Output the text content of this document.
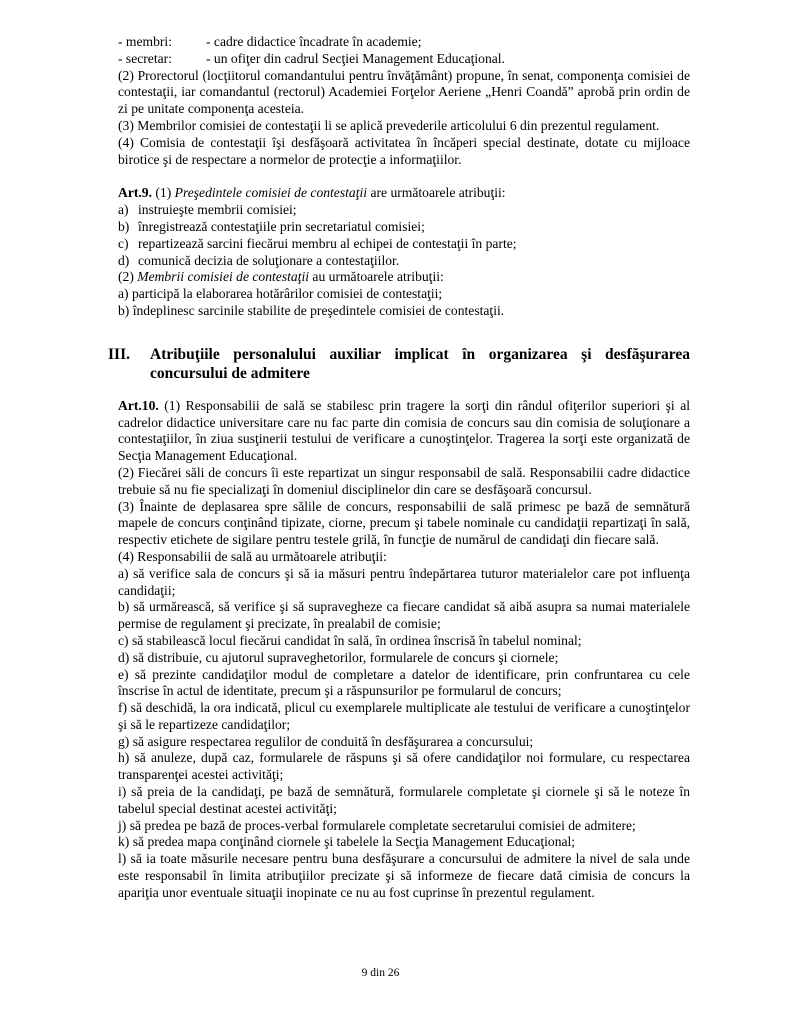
- membri:	- cadre didactice încadrate în academie;
- secretar:	- un ofiţer din cadrul Secţiei Management Educaţional.

(2) Prorectorul (locţiitorul comandantului pentru învăţământ) propune, în senat, componenţa comisiei de contestaţii, iar comandantul (rectorul) Academiei Forţelor Aeriene „Henri Coandă” aprobă prin ordin de zi pe unitate componenţa acesteia.

(3) Membrilor comisiei de contestaţii li se aplică prevederile articolului 6 din prezentul regulament.

(4) Comisia de contestaţii îşi desfăşoară activitatea în încăperi special destinate, dotate cu mijloace birotice şi de respectare a normelor de protecţie a informaţiilor.

Art.9. (1) Preşedintele comisiei de contestaţii are următoarele atribuţii:

a) instruieşte membrii comisiei;
b) înregistrează contestaţiile prin secretariatul comisiei;
c) repartizează sarcini fiecărui membru al echipei de contestaţii în parte;
d) comunică decizia de soluţionare a contestaţiilor.

(2) Membrii comisiei de contestaţii au următoarele atribuţii:

a) participă la elaborarea hotărârilor comisiei de contestaţii;

b) îndeplinesc sarcinile stabilite de preşedintele comisiei de contestaţii.

III.	Atribuţiile personalului auxiliar implicat în organizarea şi desfăşurarea concursului de admitere

Art.10. (1) Responsabilii de sală se stabilesc prin tragere la sorţi din rândul ofiţerilor superiori şi al cadrelor didactice universitare care nu fac parte din comisia de concurs sau din comisia de soluţionare a contestaţiilor, în ziua susţinerii testului de verificare a cunoştinţelor. Tragerea la sorţi este organizată de Secţia Management Educaţional.

(2) Fiecărei săli de concurs îi este repartizat un singur responsabil de sală. Responsabilii cadre didactice trebuie să nu fie specializaţi în domeniul disciplinelor din care se desfăşoară concursul.

(3) Înainte de deplasarea spre sălile de concurs, responsabilii de sală primesc pe bază de semnătură mapele de concurs conţinând tipizate, ciorne, precum şi tabele nominale cu candidaţii repartizaţi în sală, respectiv etichete de sigilare pentru testele grilă, în funcţie de numărul de candidaţi din fiecare sală.

(4) Responsabilii de sală au următoarele atribuţii:

a) să verifice sala de concurs şi să ia măsuri pentru îndepărtarea tuturor materialelor care pot influenţa candidaţii;

b) să urmărească, să verifice şi să supravegheze ca fiecare candidat să aibă asupra sa numai materialele permise de regulament şi precizate, în prealabil de comisie;

c) să stabilească locul fiecărui candidat în sală, în ordinea înscrisă în tabelul nominal;

d) să distribuie, cu ajutorul supraveghetorilor, formularele de concurs şi ciornele;

e) să prezinte candidaţilor modul de completare a datelor de identificare, prin confruntarea cu cele înscrise în actul de identitate, precum şi a răspunsurilor pe formularul de concurs;

f) să deschidă, la ora indicată, plicul cu exemplarele multiplicate ale testului de verificare a cunoştinţelor şi să le repartizeze candidaţilor;

g) să asigure respectarea regulilor de conduită în desfăşurarea a concursului;

h) să anuleze, după caz, formularele de răspuns şi să ofere candidaţilor noi formulare, cu respectarea transparenţei acestei activităţi;

i) să preia de la candidaţi, pe bază de semnătură, formularele completate şi ciornele şi să le noteze în tabelul special destinat acestei activităţi;

j) să predea pe bază de proces-verbal formularele completate secretarului comisiei de admitere;

k) să predea mapa conţinând ciornele şi tabelele la Secţia Management Educaţional;

l) să ia toate măsurile necesare pentru buna desfăşurare a concursului de admitere la nivel de sala unde este responsabil în limita atribuţiilor precizate şi să informeze de fiecare dată cimisia de concurs la apariţia unor eventuale situaţii inopinate ce nu au fost cuprinse în prezentul regulament.

9 din 26
